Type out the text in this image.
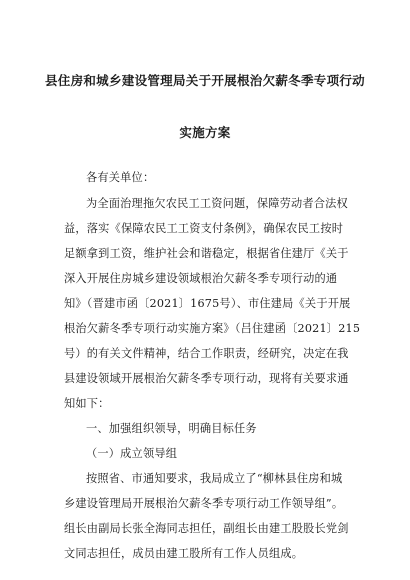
县住房和城乡建设管理局关于开展根治欠薪冬季专项行动
实施方案
各有关单位：
为全面治理拖欠农民工工资问题，保障劳动者合法权
益，落实《保障农民工工资支付条例》，确保农民工按时
足额拿到工资，维护社会和谐稳定，根据省住建厅《关于
深入开展住房城乡建设领域根治欠薪冬季专项行动的通
知》（晋建市函〔2021〕1675号）、市住建局《关于开展
根治欠薪冬季专项行动实施方案》（吕住建函〔2021〕215
号）的有关文件精神，结合工作职责，经研究，决定在我
县建设领域开展根治欠薪冬季专项行动，现将有关要求通
知如下：
一、加强组织领导，明确目标任务
（一）成立领导组
按照省、市通知要求，我局成立了“柳林县住房和城
乡建设管理局开展根治欠薪冬季专项行动工作领导组”。
组长由副局长张全海同志担任，副组长由建工股股长党剑
文同志担任，成员由建工股所有工作人员组成。
